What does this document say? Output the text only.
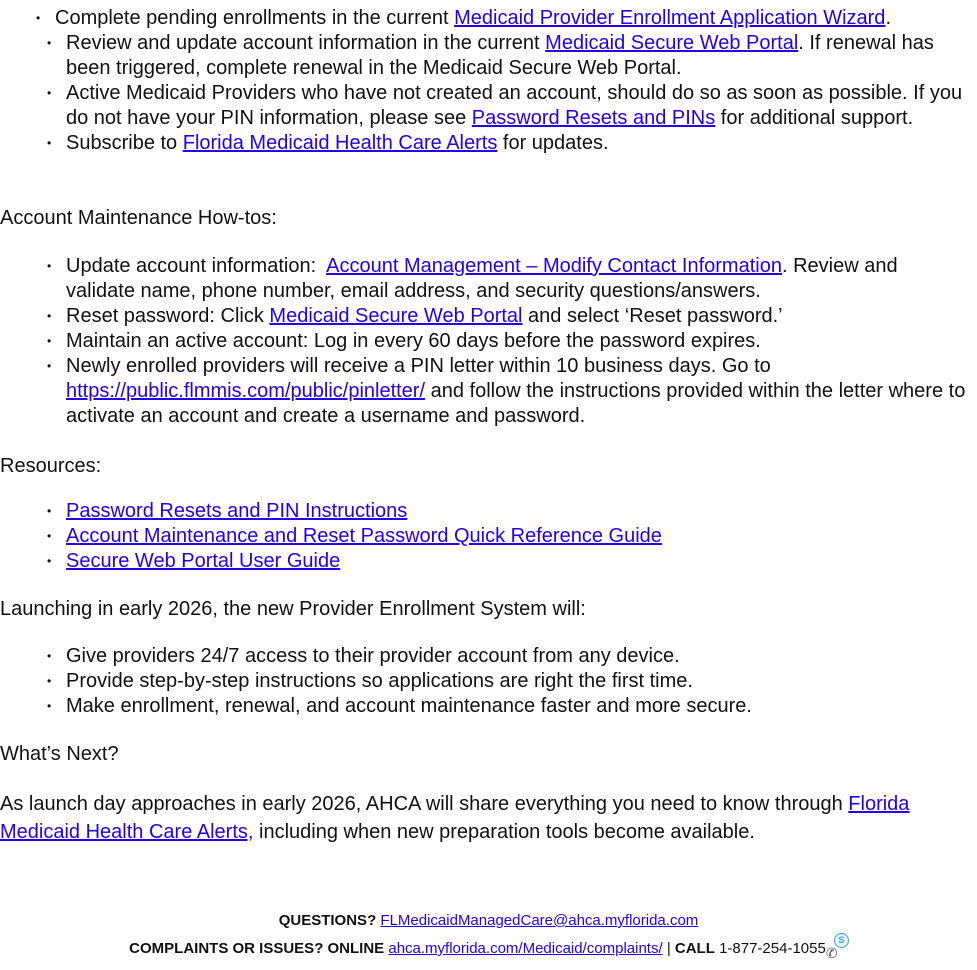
• Complete pending enrollments in the current Medicaid Provider Enrollment Application Wizard.
• Review and update account information in the current Medicaid Secure Web Portal. If renewal has been triggered, complete renewal in the Medicaid Secure Web Portal.
• Active Medicaid Providers who have not created an account, should do so as soon as possible. If you do not have your PIN information, please see Password Resets and PINs for additional support.
• Subscribe to Florida Medicaid Health Care Alerts for updates.
Account Maintenance How-tos:
• Update account information:  Account Management – Modify Contact Information. Review and validate name, phone number, email address, and security questions/answers.
• Reset password: Click Medicaid Secure Web Portal and select ‘Reset password.’
• Maintain an active account: Log in every 60 days before the password expires.
• Newly enrolled providers will receive a PIN letter within 10 business days. Go to https://public.flmmis.com/public/pinletter/ and follow the instructions provided within the letter where to activate an account and create a username and password.
Resources:
• Password Resets and PIN Instructions
• Account Maintenance and Reset Password Quick Reference Guide
• Secure Web Portal User Guide
Launching in early 2026, the new Provider Enrollment System will:
• Give providers 24/7 access to their provider account from any device.
• Provide step-by-step instructions so applications are right the first time.
• Make enrollment, renewal, and account maintenance faster and more secure.
What’s Next?
As launch day approaches in early 2026, AHCA will share everything you need to know through Florida Medicaid Health Care Alerts, including when new preparation tools become available.
QUESTIONS? FLMedicaidManagedCare@ahca.myflorida.com
COMPLAINTS OR ISSUES? ONLINE ahca.myflorida.com/Medicaid/complaints/ | CALL 1-877-254-1055 ✆
S
